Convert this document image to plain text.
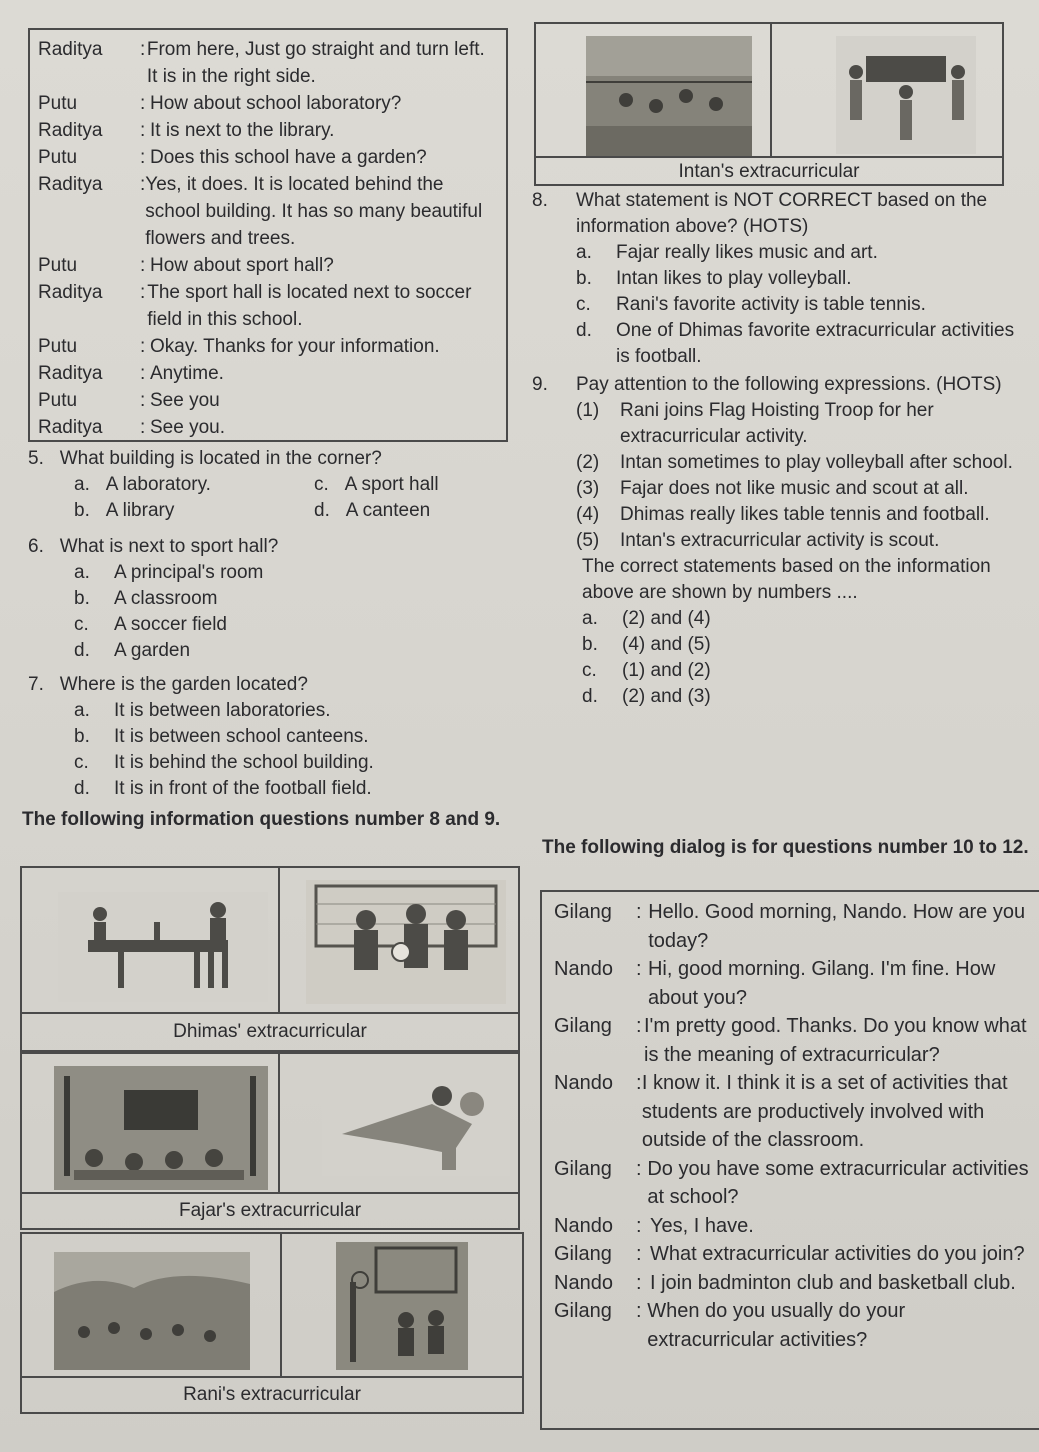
Raditya	: From here, Just go straight and turn left. It is in the right side.
Putu	: How about school laboratory?
Raditya	: It is next to the library.
Putu	: Does this school have a garden?
Raditya	: Yes, it does. It is located behind the school building. It has so many beautiful flowers and trees.
Putu	: How about sport hall?
Raditya	: The sport hall is located next to soccer field in this school.
Putu	: Okay. Thanks for your information.
Raditya	: Anytime.
Putu	: See you
Raditya	: See you.
5. What building is located in the corner?
a. A laboratory.
b. A library
c. A sport hall
d. A canteen
6. What is next to sport hall?
a.	A principal's room
b.	A classroom
c.	A soccer field
d.	A garden
7. Where is the garden located?
a.	It is between laboratories.
b.	It is between school canteens.
c.	It is behind the school building.
d.	It is in front of the football field.
The following information questions number 8 and 9.
Dhimas' extracurricular
Fajar's extracurricular
Rani's extracurricular
Intan's extracurricular
8.	What statement is NOT CORRECT based on the information above? (HOTS)
a.	Fajar really likes music and art.
b.	Intan likes to play volleyball.
c.	Rani's favorite activity is table tennis.
d.	One of Dhimas favorite extracurricular activities is football.
9.	Pay attention to the following expressions. (HOTS)
(1)	Rani joins Flag Hoisting Troop for her extracurricular activity.
(2)	Intan sometimes to play volleyball after school.
(3)	Fajar does not like music and scout at all.
(4)	Dhimas really likes table tennis and football.
(5)	Intan's extracurricular activity is scout.
The correct statements based on the information above are shown by numbers ....
a.	(2) and (4)
b.	(4) and (5)
c.	(1) and (2)
d.	(2) and (3)
The following dialog is for questions number 10 to 12.
Gilang	: Hello. Good morning, Nando. How are you today?
Nando	: Hi, good morning. Gilang. I'm fine. How about you?
Gilang	: I'm pretty good. Thanks. Do you know what is the meaning of extracurricular?
Nando	: I know it. I think it is a set of activities that students are productively involved with outside of the classroom.
Gilang	: Do you have some extracurricular activities at school?
Nando	: Yes, I have.
Gilang	: What extracurricular activities do you join?
Nando	: I join badminton club and basketball club.
Gilang	: When do you usually do your extracurricular activities?
